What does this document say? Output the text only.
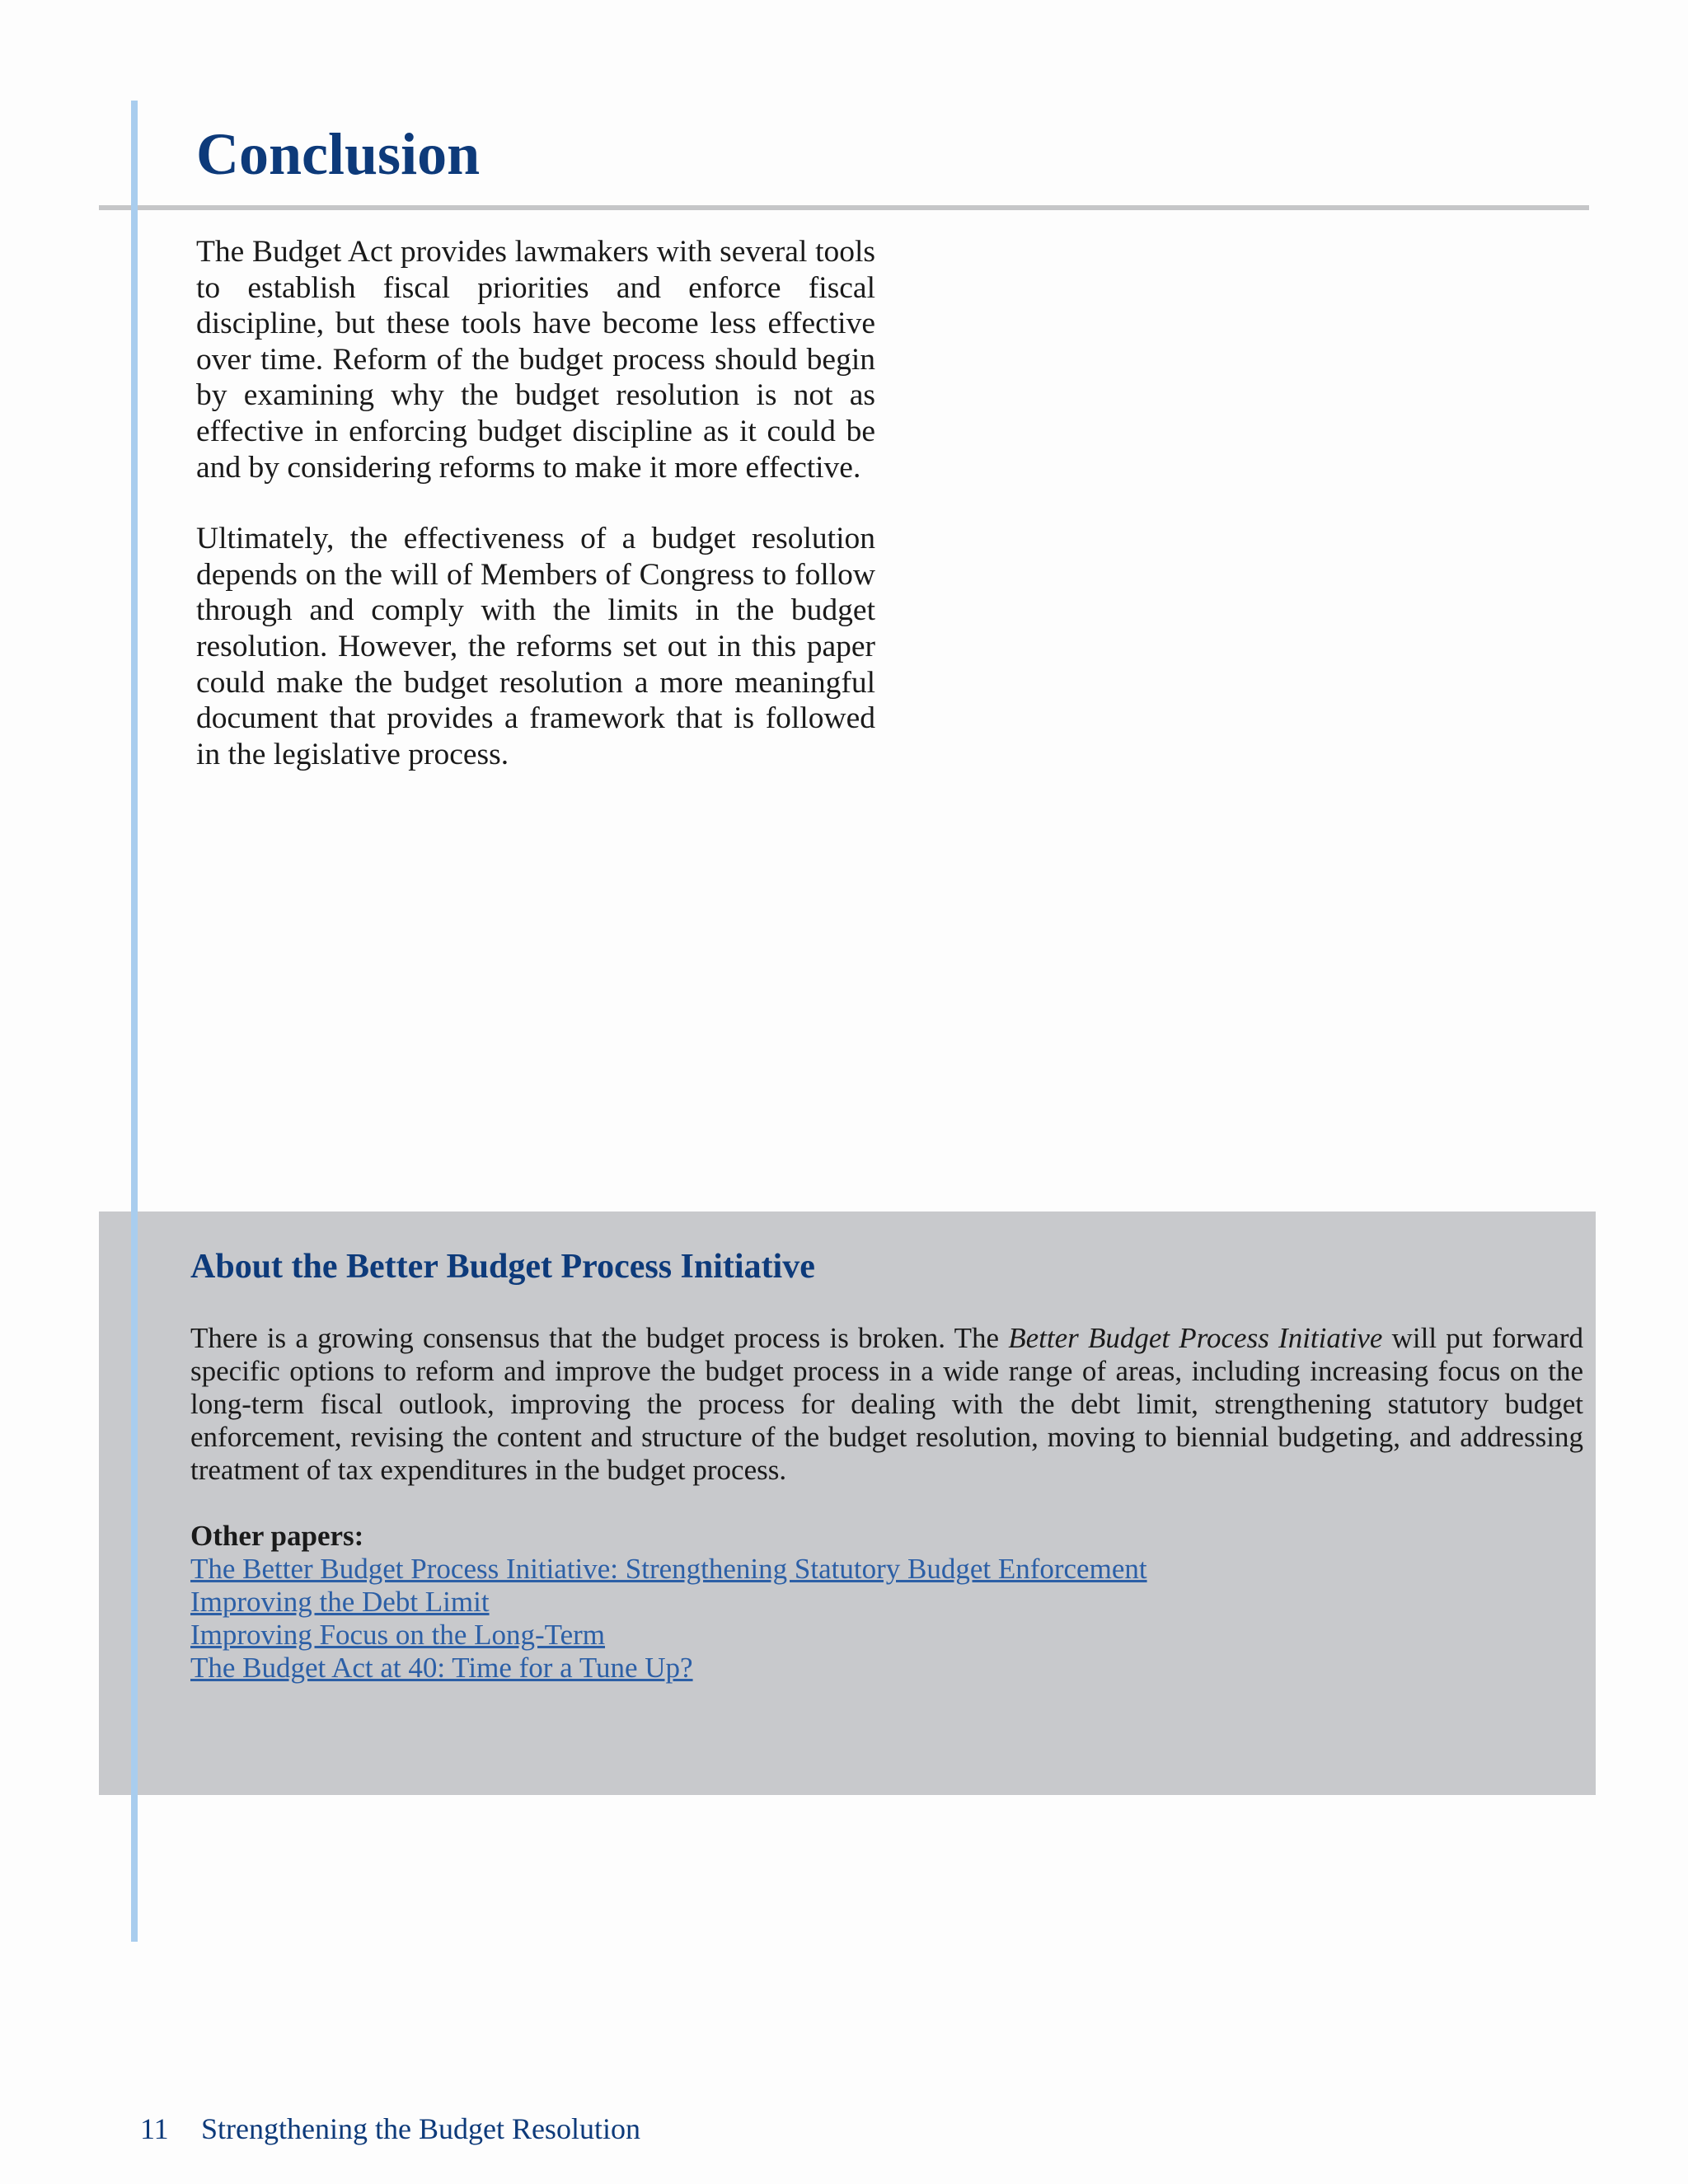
Conclusion

The Budget Act provides lawmakers with several tools to establish fiscal priorities and enforce fiscal discipline, but these tools have become less effective over time. Reform of the budget process should begin by examining why the budget resolution is not as effective in enforcing budget discipline as it could be and by considering reforms to make it more effective.

Ultimately, the effectiveness of a budget resolution depends on the will of Members of Congress to follow through and comply with the limits in the budget resolution. However, the reforms set out in this paper could make the budget resolution a more meaningful document that provides a framework that is followed in the legislative process.

About the Better Budget Process Initiative

There is a growing consensus that the budget process is broken. The Better Budget Process Initiative will put forward specific options to reform and improve the budget process in a wide range of areas, including increasing focus on the long-term fiscal outlook, improving the process for dealing with the debt limit, strengthening statutory budget enforcement, revising the content and structure of the budget resolution, moving to biennial budgeting, and addressing treatment of tax expenditures in the budget process.

Other papers:

The Better Budget Process Initiative: Strengthening Statutory Budget Enforcement
Improving the Debt Limit
Improving Focus on the Long-Term
The Budget Act at 40: Time for a Tune Up?
11 Strengthening the Budget Resolution
